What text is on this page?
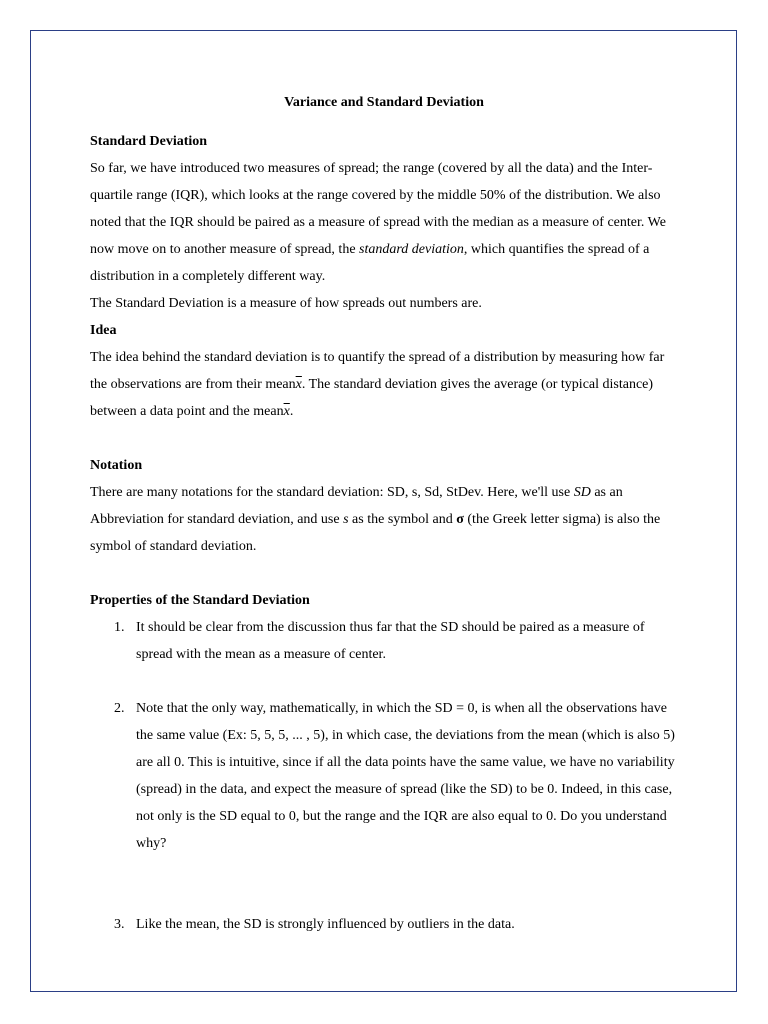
Variance and Standard Deviation
Standard Deviation

So far, we have introduced two measures of spread; the range (covered by all the data) and the Inter-quartile range (IQR), which looks at the range covered by the middle 50% of the distribution. We also noted that the IQR should be paired as a measure of spread with the median as a measure of center. We now move on to another measure of spread, the standard deviation, which quantifies the spread of a distribution in a completely different way.

The Standard Deviation is a measure of how spreads out numbers are.

Idea

The idea behind the standard deviation is to quantify the spread of a distribution by measuring how far the observations are from their $mean\overline{x}$. The standard deviation gives the average (or typical distance) between a data point and the $mean\overline{x}$.

Notation

There are many notations for the standard deviation: SD, s, Sd, StDev. Here, we'll use SD as an Abbreviation for standard deviation, and use s as the symbol and σ (the Greek letter sigma) is also the symbol of standard deviation.

Properties of the Standard Deviation
1. It should be clear from the discussion thus far that the SD should be paired as a measure of spread with the mean as a measure of center.
2. Note that the only way, mathematically, in which the SD = 0, is when all the observations have the same value (Ex: 5, 5, 5, ... , 5), in which case, the deviations from the mean (which is also 5) are all 0. This is intuitive, since if all the data points have the same value, we have no variability (spread) in the data, and expect the measure of spread (like the SD) to be 0. Indeed, in this case, not only is the SD equal to 0, but the range and the IQR are also equal to 0. Do you understand why?
3. Like the mean, the SD is strongly influenced by outliers in the data.
